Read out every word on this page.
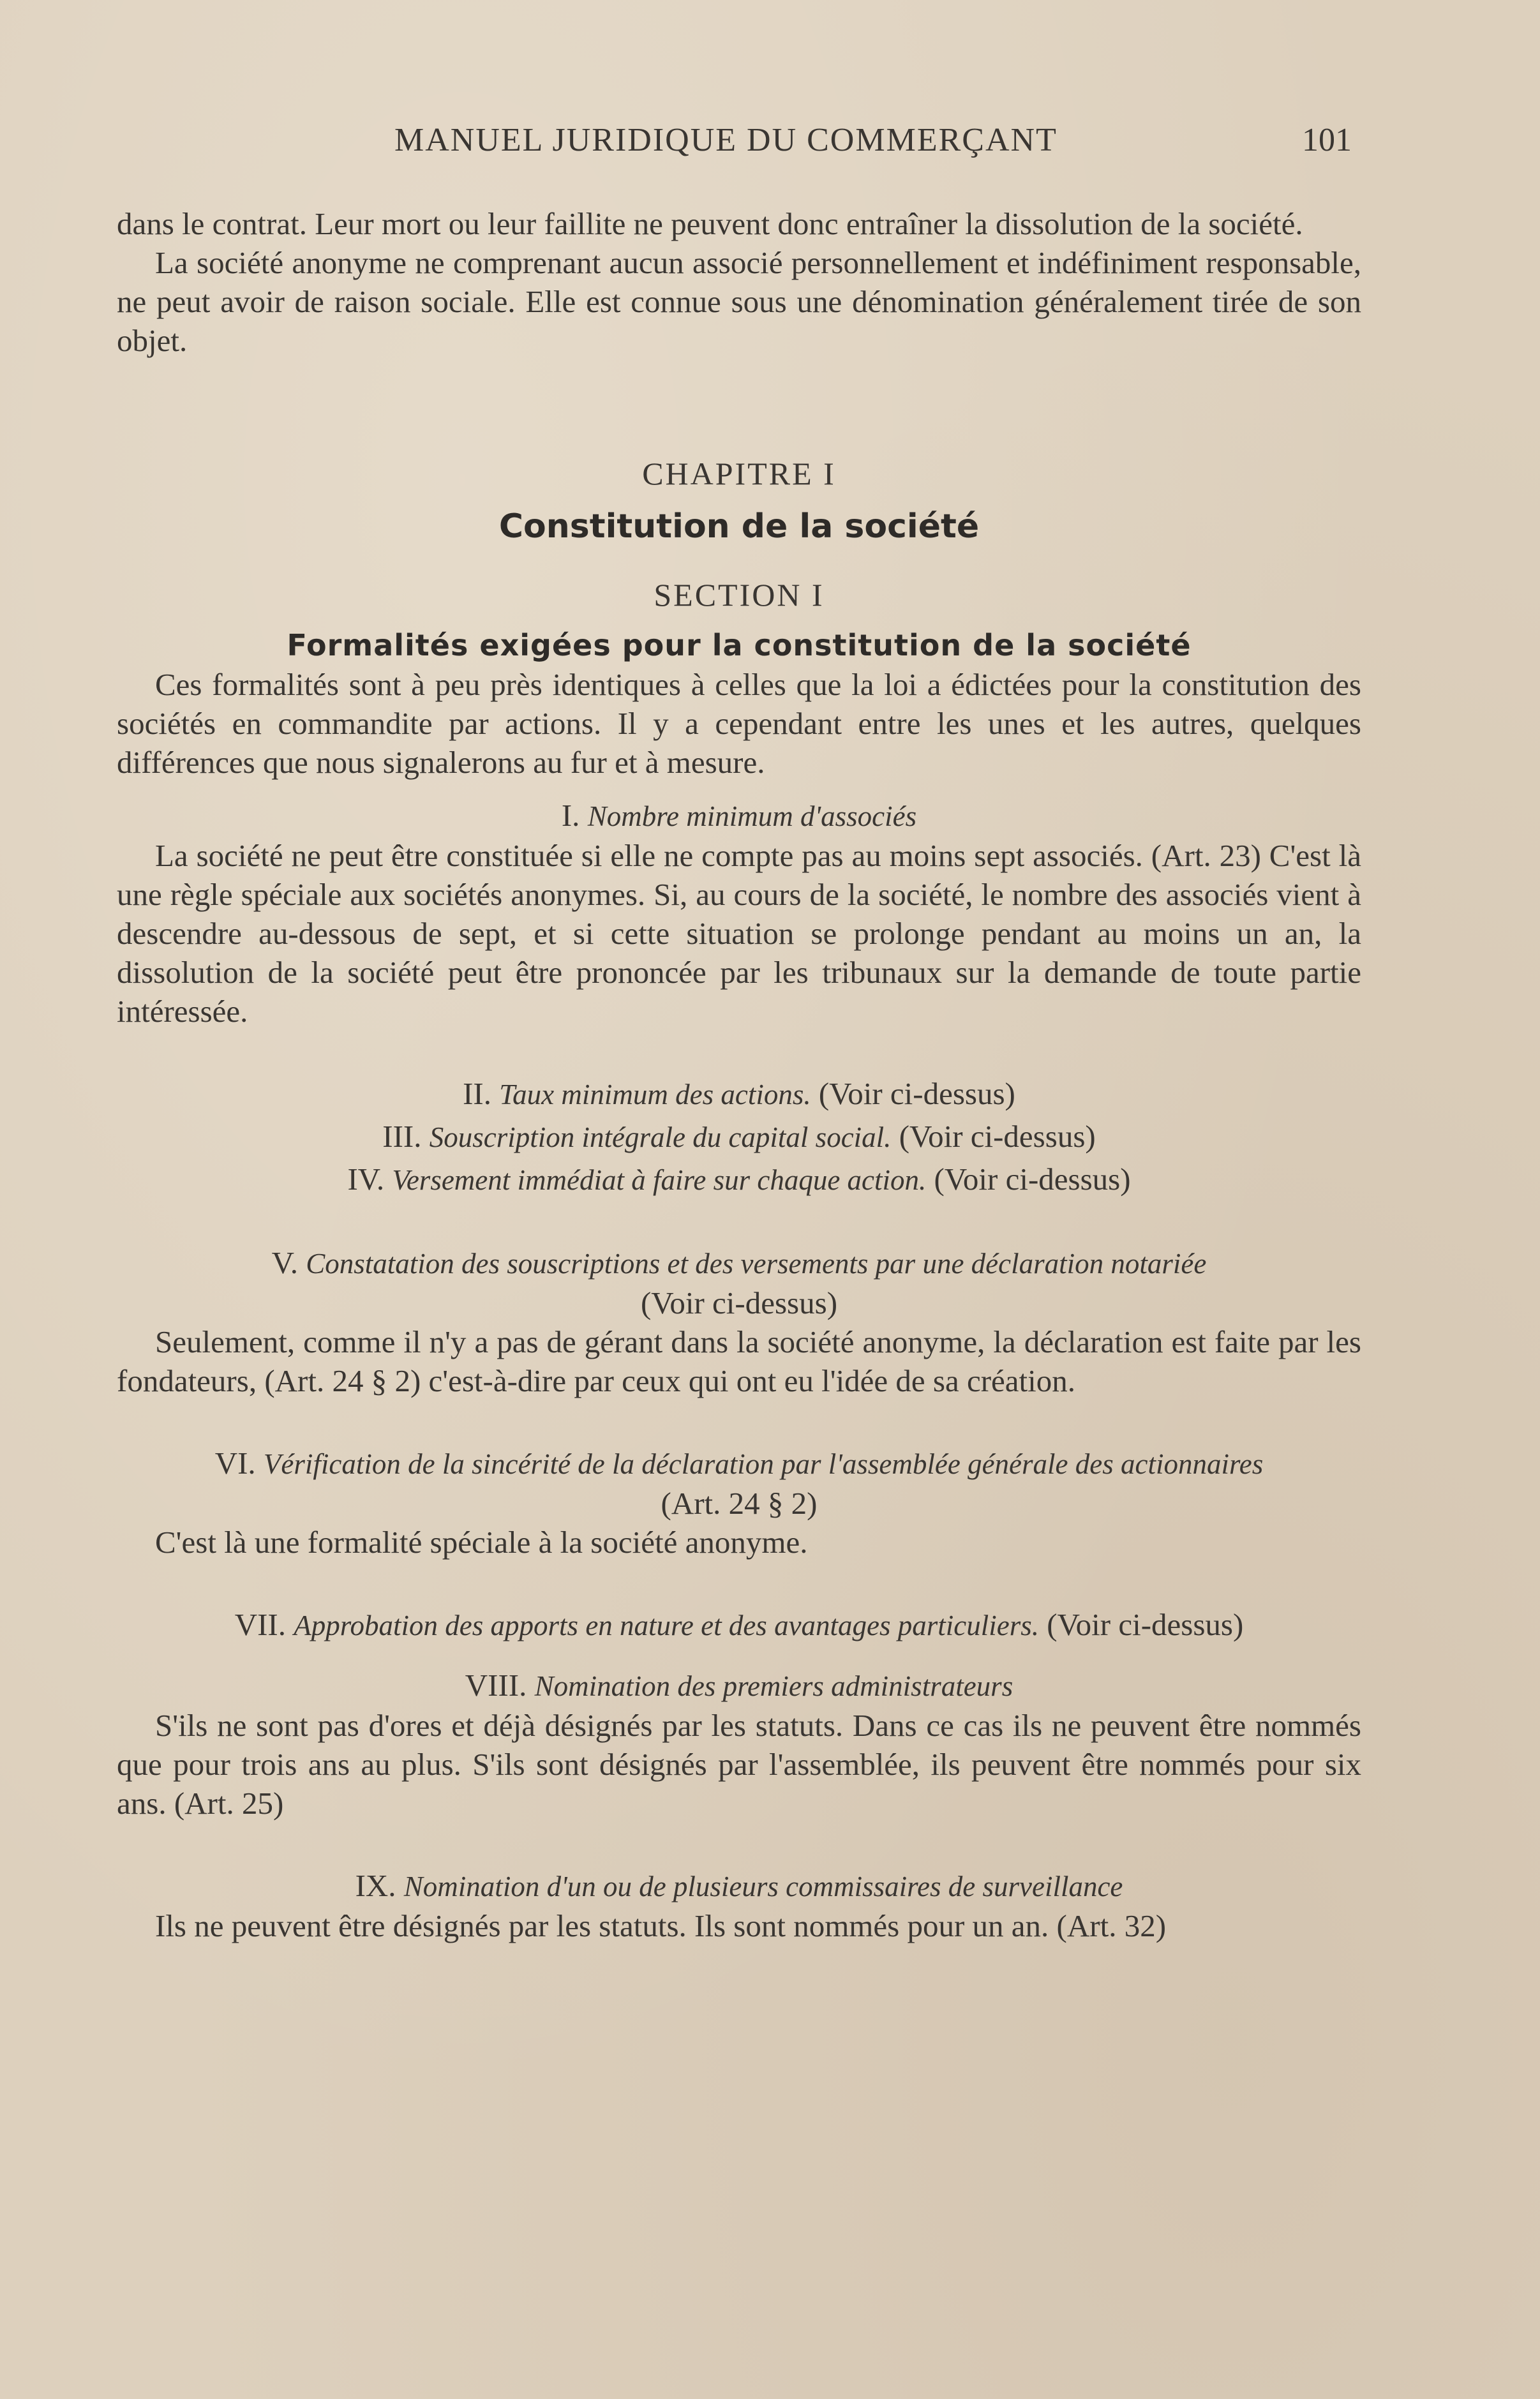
MANUEL JURIDIQUE DU COMMERÇANT	101

dans le contrat. Leur mort ou leur faillite ne peuvent donc entraîner la dissolution de la société.

La société anonyme ne comprenant aucun associé personnellement et indéfiniment responsable, ne peut avoir de raison sociale. Elle est connue sous une dénomination généralement tirée de son objet.

CHAPITRE I
Constitution de la société
SECTION I
Formalités exigées pour la constitution de la société

Ces formalités sont à peu près identiques à celles que la loi a édictées pour la constitution des sociétés en commandite par actions. Il y a cependant entre les unes et les autres, quelques différences que nous signalerons au fur et à mesure.

I. Nombre minimum d'associés

La société ne peut être constituée si elle ne compte pas au moins sept associés. (Art. 23) C'est là une règle spéciale aux sociétés anonymes. Si, au cours de la société, le nombre des associés vient à descendre au-dessous de sept, et si cette situation se prolonge pendant au moins un an, la dissolution de la société peut être prononcée par les tribunaux sur la demande de toute partie intéressée.

II. Taux minimum des actions. (Voir ci-dessus)
III. Souscription intégrale du capital social. (Voir ci-dessus)
IV. Versement immédiat à faire sur chaque action. (Voir ci-dessus)
V. Constatation des souscriptions et des versements par une déclaration notariée
(Voir ci-dessus)

Seulement, comme il n'y a pas de gérant dans la société anonyme, la déclaration est faite par les fondateurs, (Art. 24 § 2) c'est-à-dire par ceux qui ont eu l'idée de sa création.

VI. Vérification de la sincérité de la déclaration par l'assemblée générale des actionnaires
(Art. 24 § 2)

C'est là une formalité spéciale à la société anonyme.

VII. Approbation des apports en nature et des avantages particuliers. (Voir ci-dessus)
VIII. Nomination des premiers administrateurs

S'ils ne sont pas d'ores et déjà désignés par les statuts. Dans ce cas ils ne peuvent être nommés que pour trois ans au plus. S'ils sont désignés par l'assemblée, ils peuvent être nommés pour six ans. (Art. 25)

IX. Nomination d'un ou de plusieurs commissaires de surveillance

Ils ne peuvent être désignés par les statuts. Ils sont nommés pour un an. (Art. 32)
